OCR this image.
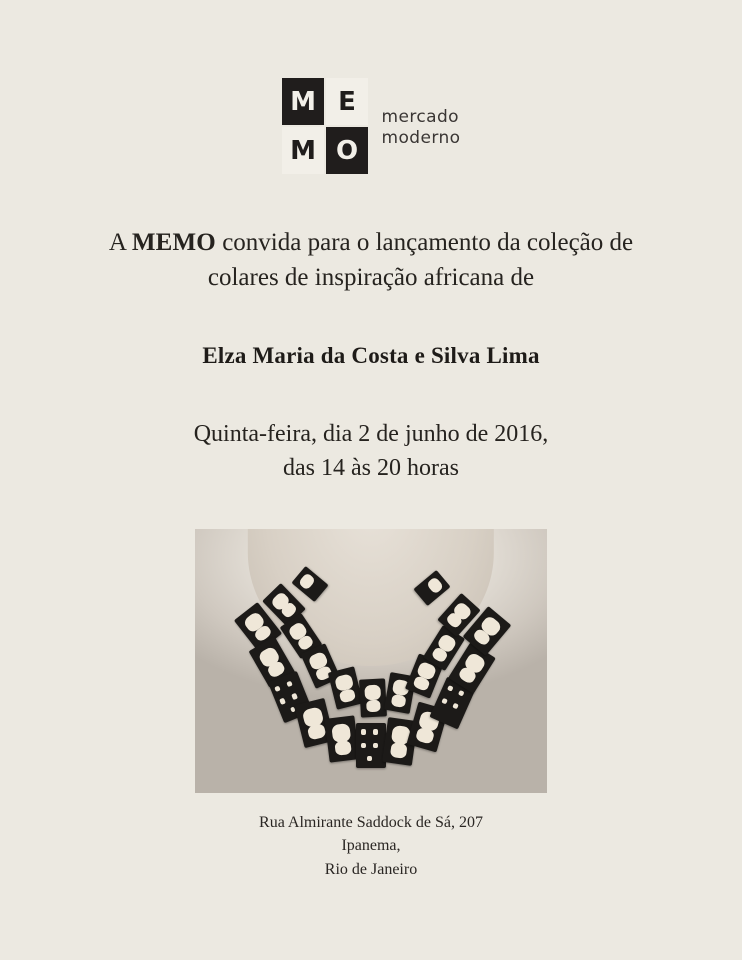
M E
M O
mercado
moderno
A MEMO convida para o lançamento da coleção de colares de inspiração africana de
Elza Maria da Costa e Silva Lima
Quinta-feira, dia 2 de junho de 2016,
das 14 às 20 horas
Rua Almirante Saddock de Sá, 207
Ipanema,
Rio de Janeiro
